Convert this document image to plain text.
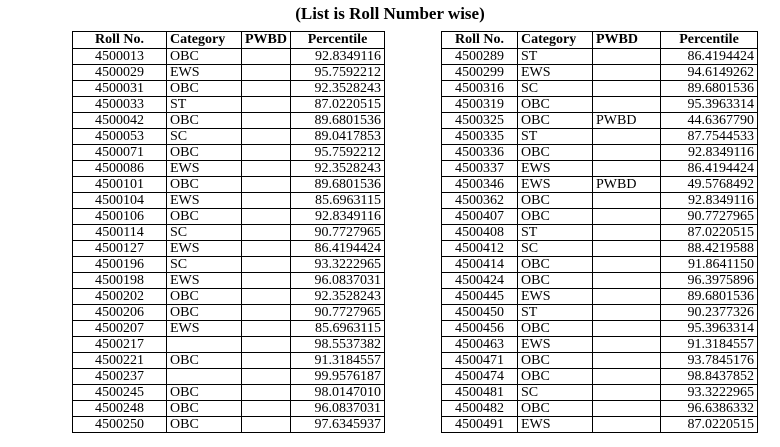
(List is Roll Number wise)
Roll No.	Category	PWBD	Percentile
4500013	OBC		92.8349116
4500029	EWS		95.7592212
4500031	OBC		92.3528243
4500033	ST		87.0220515
4500042	OBC		89.6801536
4500053	SC		89.0417853
4500071	OBC		95.7592212
4500086	EWS		92.3528243
4500101	OBC		89.6801536
4500104	EWS		85.6963115
4500106	OBC		92.8349116
4500114	SC		90.7727965
4500127	EWS		86.4194424
4500196	SC		93.3222965
4500198	EWS		96.0837031
4500202	OBC		92.3528243
4500206	OBC		90.7727965
4500207	EWS		85.6963115
4500217			98.5537382
4500221	OBC		91.3184557
4500237			99.9576187
4500245	OBC		98.0147010
4500248	OBC		96.0837031
4500250	OBC		97.6345937
Roll No.	Category	PWBD	Percentile
4500289	ST		86.4194424
4500299	EWS		94.6149262
4500316	SC		89.6801536
4500319	OBC		95.3963314
4500325	OBC	PWBD	44.6367790
4500335	ST		87.7544533
4500336	OBC		92.8349116
4500337	EWS		86.4194424
4500346	EWS	PWBD	49.5768492
4500362	OBC		92.8349116
4500407	OBC		90.7727965
4500408	ST		87.0220515
4500412	SC		88.4219588
4500414	OBC		91.8641150
4500424	OBC		96.3975896
4500445	EWS		89.6801536
4500450	ST		90.2377326
4500456	OBC		95.3963314
4500463	EWS		91.3184557
4500471	OBC		93.7845176
4500474	OBC		98.8437852
4500481	SC		93.3222965
4500482	OBC		96.6386332
4500491	EWS		87.0220515
